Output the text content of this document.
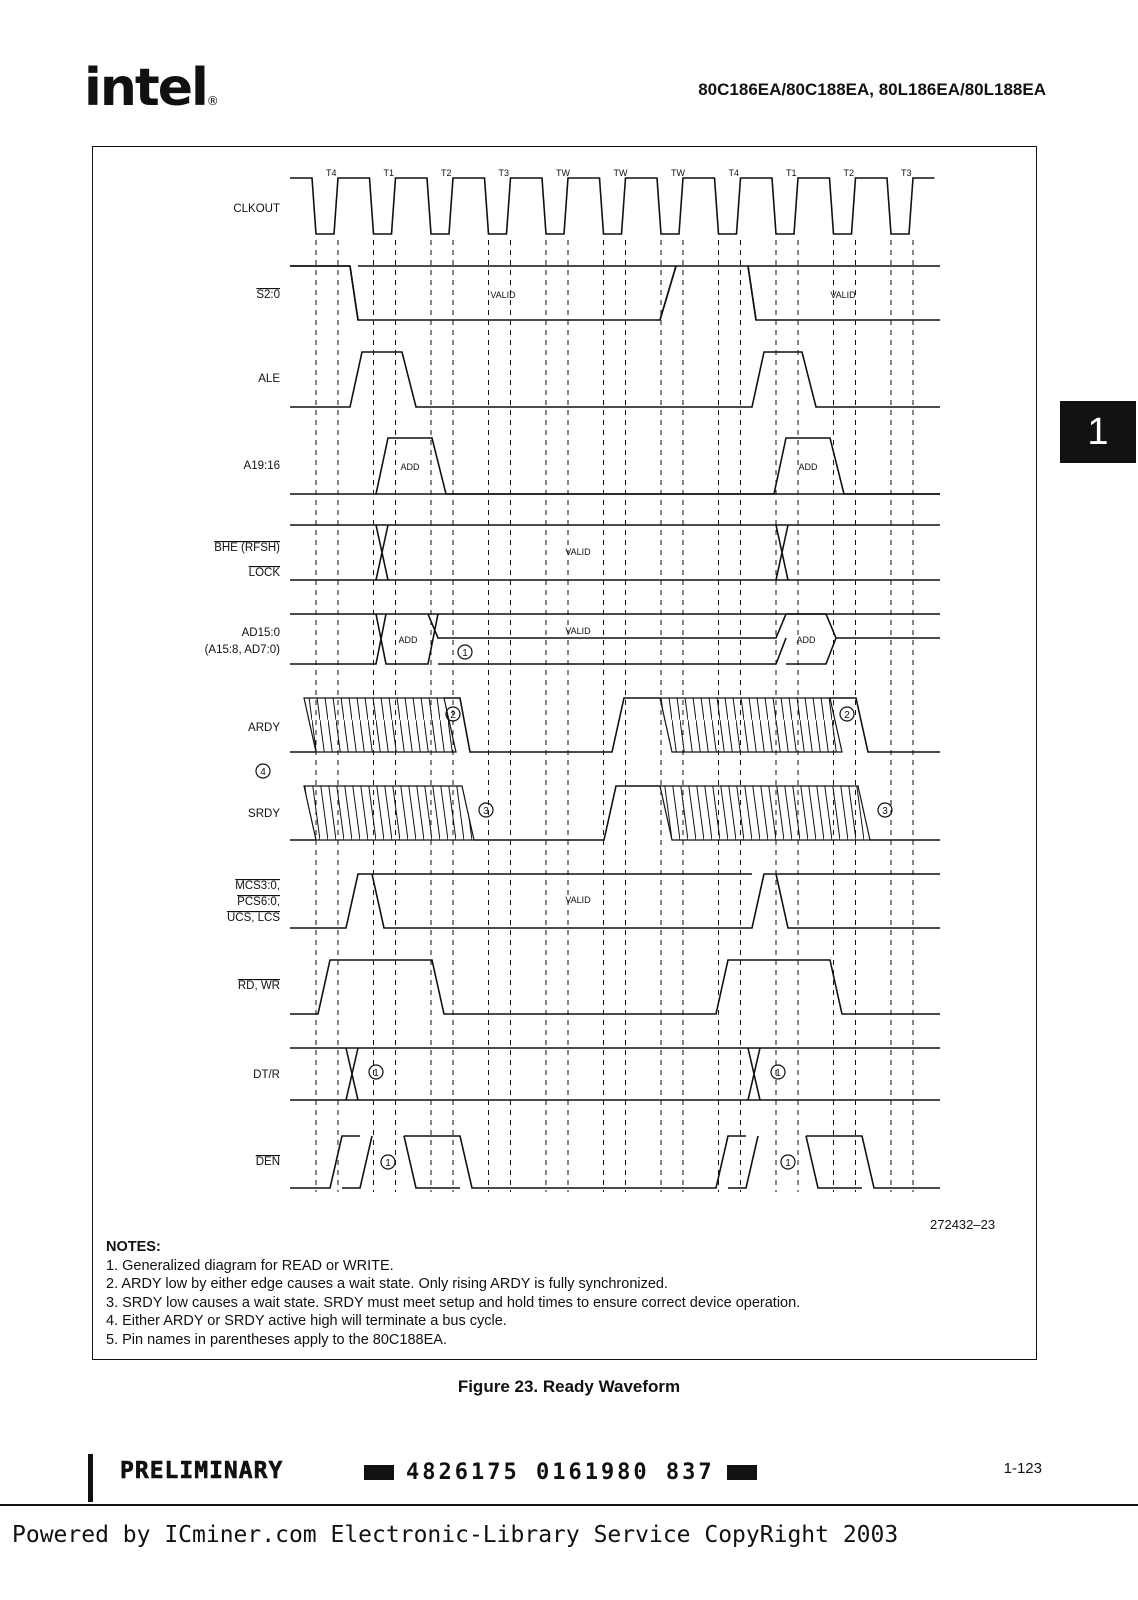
intel®
80C186EA/80C188EA, 80L186EA/80L188EA
1
T4	T1	T2	T3	TW	TW	TW	T4	T1	T2	T3
CLKOUT
S2:0
ALE
A19:16
BHE (RFSH)
LOCK
AD15:0
(A15:8, AD7:0)
ARDY
SRDY
MCS3:0,
PCS6:0,
UCS, LCS
RD, WR
DT/R
DEN
VALID	VALID
ADD	ADD
VALID
ADD	ADD
VALID
1
2	2
4
3	3
VALID
1	1
1	1
272432–23
NOTES:
1. Generalized diagram for READ or WRITE.
2. ARDY low by either edge causes a wait state. Only rising ARDY is fully synchronized.
3. SRDY low causes a wait state. SRDY must meet setup and hold times to ensure correct device operation.
4. Either ARDY or SRDY active high will terminate a bus cycle.
5. Pin names in parentheses apply to the 80C188EA.
Figure 23. Ready Waveform
PRELIMINARY	4826175 0161980 837	1-123
Powered by ICminer.com Electronic-Library Service CopyRight 2003
